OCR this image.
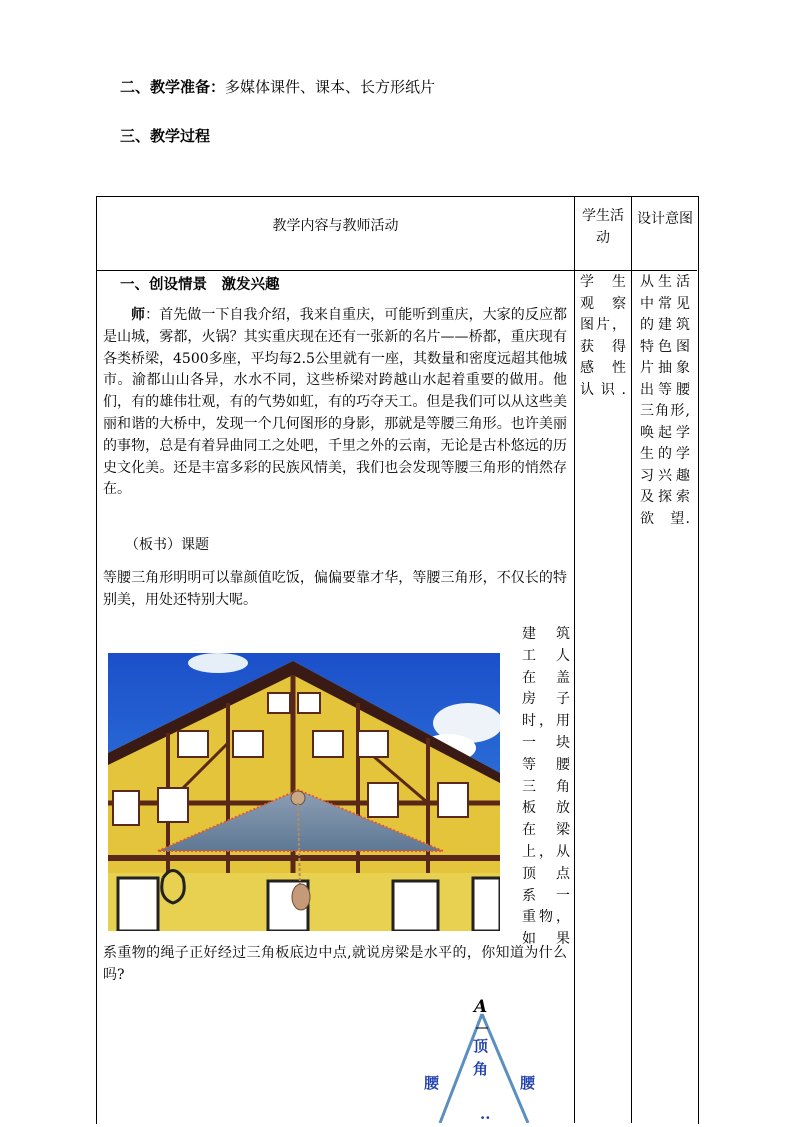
二、教学准备：多媒体课件、课本、长方形纸片
三、教学过程
教学内容与教师活动
学生活动
设计意图
一、创设情景　激发兴趣

师：首先做一下自我介绍，我来自重庆，可能听到重庆，大家的反应都是山城，雾都，火锅？其实重庆现在还有一张新的名片——桥都，重庆现有各类桥梁，4500多座，平均每2.5公里就有一座，其数量和密度远超其他城市。渝都山山各异，水水不同，这些桥梁对跨越山水起着重要的做用。他们，有的雄伟壮观，有的气势如虹，有的巧夺天工。但是我们可以从这些美丽和谐的大桥中，发现一个几何图形的身影，那就是等腰三角形。也许美丽的事物，总是有着异曲同工之处吧，千里之外的云南，无论是古朴悠远的历史文化美。还是丰富多彩的民族风情美，我们也会发现等腰三角形的悄然存在。

（板书）课题

等腰三角形明明可以靠颜值吃饭，偏偏要靠才华，等腰三角形，不仅长的特别美，用处还特别大呢。

建　筑
工　人
在　盖
房　子
时，用
一　块
等　腰
三　角
板　放
在　梁
上，从
顶　点
系　一
重物，
如　果

系重物的绳子正好经过三角板底边中点,就说房梁是水平的，你知道为什么吗?

学　生
观　察
图片，
获　得
感　性
认识.
从生活
中常见
的建筑
特色图
片抽象
出等腰
三角形,
唤起学
生的学
习兴趣
及探索
欲　望.
A
顶
角
腰	腰
··
